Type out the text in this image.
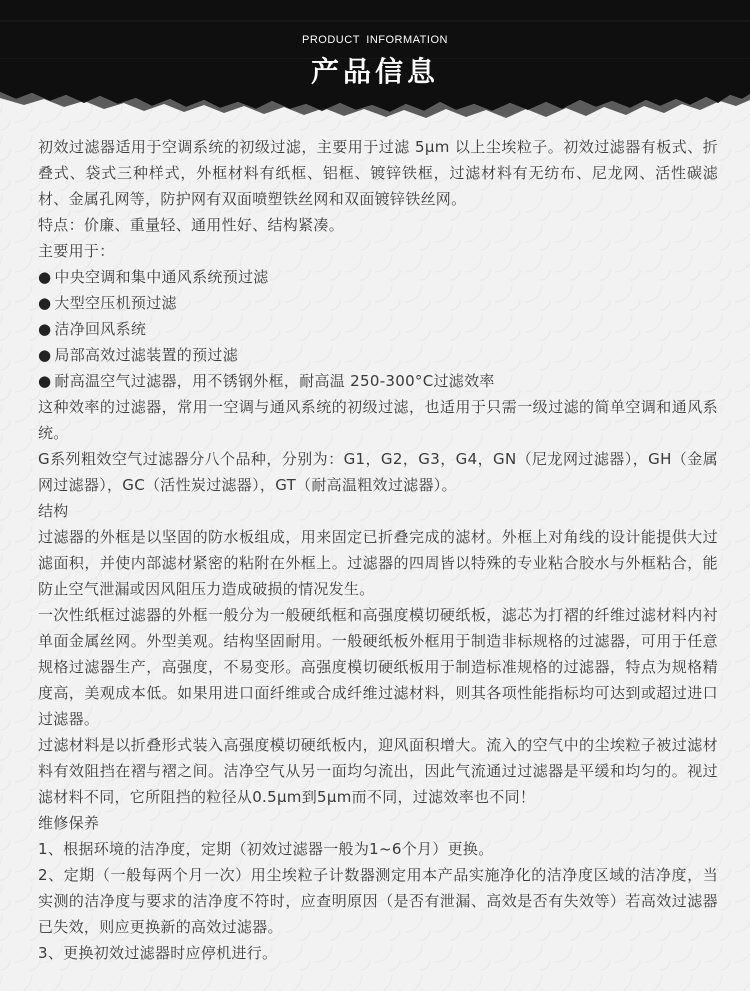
PRODUCT INFORMATION
产品信息

初效过滤器适用于空调系统的初级过滤，主要用于过滤 5μm 以上尘埃粒子。初效过滤器有板式、折叠式、袋式三种样式，外框材料有纸框、铝框、镀锌铁框，过滤材料有无纺布、尼龙网、活性碳滤材、金属孔网等，防护网有双面喷塑铁丝网和双面镀锌铁丝网。

特点：价廉、重量轻、通用性好、结构紧凑。

主要用于：

● 中央空调和集中通风系统预过滤

● 大型空压机预过滤

● 洁净回风系统

● 局部高效过滤装置的预过滤

● 耐高温空气过滤器，用不锈钢外框，耐高温 250-300°C过滤效率

这种效率的过滤器，常用一空调与通风系统的初级过滤，也适用于只需一级过滤的简单空调和通风系统。

G系列粗效空气过滤器分八个品种，分别为：G1，G2，G3，G4，GN（尼龙网过滤器），GH（金属网过滤器），GC（活性炭过滤器），GT（耐高温粗效过滤器）。

结构

过滤器的外框是以坚固的防水板组成，用来固定已折叠完成的滤材。外框上对角线的设计能提供大过滤面积，并使内部滤材紧密的粘附在外框上。过滤器的四周皆以特殊的专业粘合胶水与外框粘合，能防止空气泄漏或因风阻压力造成破损的情况发生。

一次性纸框过滤器的外框一般分为一般硬纸框和高强度模切硬纸板，滤芯为打褶的纤维过滤材料内衬单面金属丝网。外型美观。结构坚固耐用。一般硬纸板外框用于制造非标规格的过滤器，可用于任意规格过滤器生产，高强度，不易变形。高强度模切硬纸板用于制造标准规格的过滤器，特点为规格精度高，美观成本低。如果用进口面纤维或合成纤维过滤材料，则其各项性能指标均可达到或超过进口过滤器。

过滤材料是以折叠形式装入高强度模切硬纸板内，迎风面积增大。流入的空气中的尘埃粒子被过滤材料有效阻挡在褶与褶之间。洁净空气从另一面均匀流出，因此气流通过过滤器是平缓和均匀的。视过滤材料不同，它所阻挡的粒径从0.5μm到5μm而不同，过滤效率也不同！

维修保养

1、根据环境的洁净度，定期（初效过滤器一般为1~6个月）更换。

2、定期（一般每两个月一次）用尘埃粒子计数器测定用本产品实施净化的洁净度区域的洁净度，当实测的洁净度与要求的洁净度不符时，应查明原因（是否有泄漏、高效是否有失效等）若高效过滤器已失效，则应更换新的高效过滤器。

3、更换初效过滤器时应停机进行。
